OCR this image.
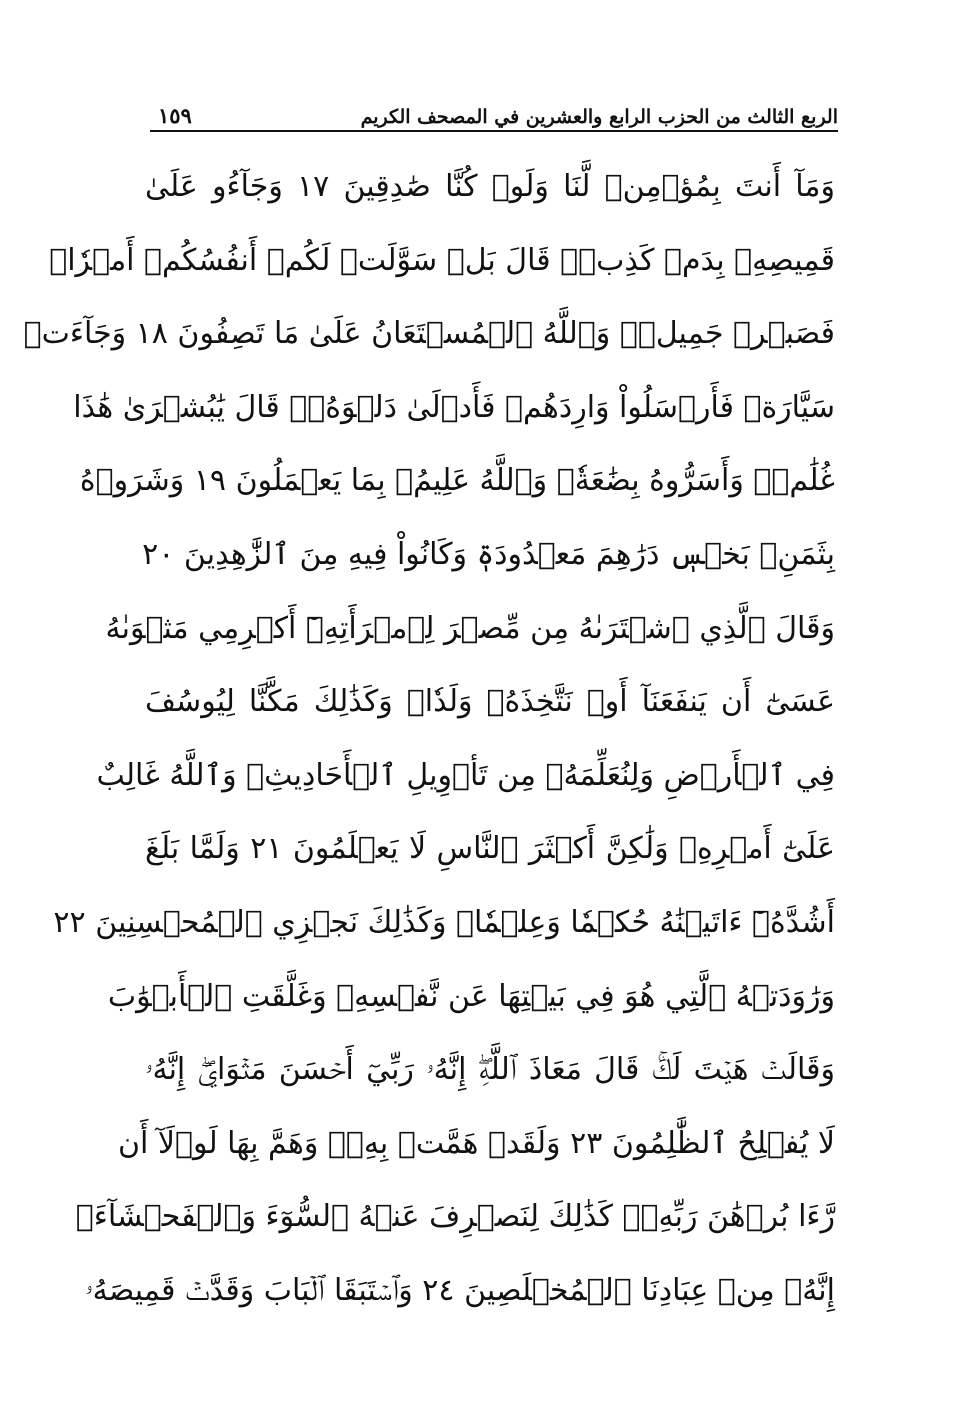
الربع الثالث من الحزب الرابع والعشرين في المصحف الكريم
١٥٩
وَمَآ أَنتَ بِمُؤۡمِنٖ لَّنَا وَلَوۡ كُنَّا صَٰدِقِينَ ١٧ وَجَآءُو عَلَىٰ
قَمِيصِهِۦ بِدَمٖ كَذِبٖۚ قَالَ بَلۡ سَوَّلَتۡ لَكُمۡ أَنفُسُكُمۡ أَمۡرٗاۖ
فَصَبۡرٞ جَمِيلٞۖ وَٱللَّهُ ٱلۡمُسۡتَعَانُ عَلَىٰ مَا تَصِفُونَ ١٨ وَجَآءَتۡ
سَيَّارَةٞ فَأَرۡسَلُواْ وَارِدَهُمۡ فَأَدۡلَىٰ دَلۡوَهُۥۖ قَالَ يَٰبُشۡرَىٰ هَٰذَا
غُلَٰمٞۚ وَأَسَرُّوهُ بِضَٰعَةٗۚ وَٱللَّهُ عَلِيمُۢ بِمَا يَعۡمَلُونَ ١٩ وَشَرَوۡهُ
بِثَمَنِۭ بَخۡسٖ دَرَٰهِمَ مَعۡدُودَةٖ وَكَانُواْ فِيهِ مِنَ ٱلزَّٰهِدِينَ ٢٠
وَقَالَ ٱلَّذِي ٱشۡتَرَىٰهُ مِن مِّصۡرَ لِٱمۡرَأَتِهِۦٓ أَكۡرِمِي مَثۡوَىٰهُ
عَسَىٰٓ أَن يَنفَعَنَآ أَوۡ نَتَّخِذَهُۥ وَلَدٗاۚ وَكَذَٰلِكَ مَكَّنَّا لِيُوسُفَ
فِي ٱلۡأَرۡضِ وَلِنُعَلِّمَهُۥ مِن تَأۡوِيلِ ٱلۡأَحَادِيثِۚ وَٱللَّهُ غَالِبٌ
عَلَىٰٓ أَمۡرِهِۦ وَلَٰكِنَّ أَكۡثَرَ ٱلنَّاسِ لَا يَعۡلَمُونَ ٢١ وَلَمَّا بَلَغَ
أَشُدَّهُۥٓ ءَاتَيۡنَٰهُ حُكۡمٗا وَعِلۡمٗاۚ وَكَذَٰلِكَ نَجۡزِي ٱلۡمُحۡسِنِينَ ٢٢
وَرَٰوَدَتۡهُ ٱلَّتِي هُوَ فِي بَيۡتِهَا عَن نَّفۡسِهِۦ وَغَلَّقَتِ ٱلۡأَبۡوَٰبَ
وَقَالَتۡ هَيۡتَ لَكَۚ قَالَ مَعَاذَ ٱللَّهِۖ إِنَّهُۥ رَبِّيٓ أَحۡسَنَ مَثۡوَايَۖ إِنَّهُۥ
لَا يُفۡلِحُ ٱلظَّٰلِمُونَ ٢٣ وَلَقَدۡ هَمَّتۡ بِهِۦۖ وَهَمَّ بِهَا لَوۡلَآ أَن
رَّءَا بُرۡهَٰنَ رَبِّهِۦۚ كَذَٰلِكَ لِنَصۡرِفَ عَنۡهُ ٱلسُّوٓءَ وَٱلۡفَحۡشَآءَۚ
إِنَّهُۥ مِنۡ عِبَادِنَا ٱلۡمُخۡلَصِينَ ٢٤ وَٱسۡتَبَقَا ٱلۡبَابَ وَقَدَّتۡ قَمِيصَهُۥ
